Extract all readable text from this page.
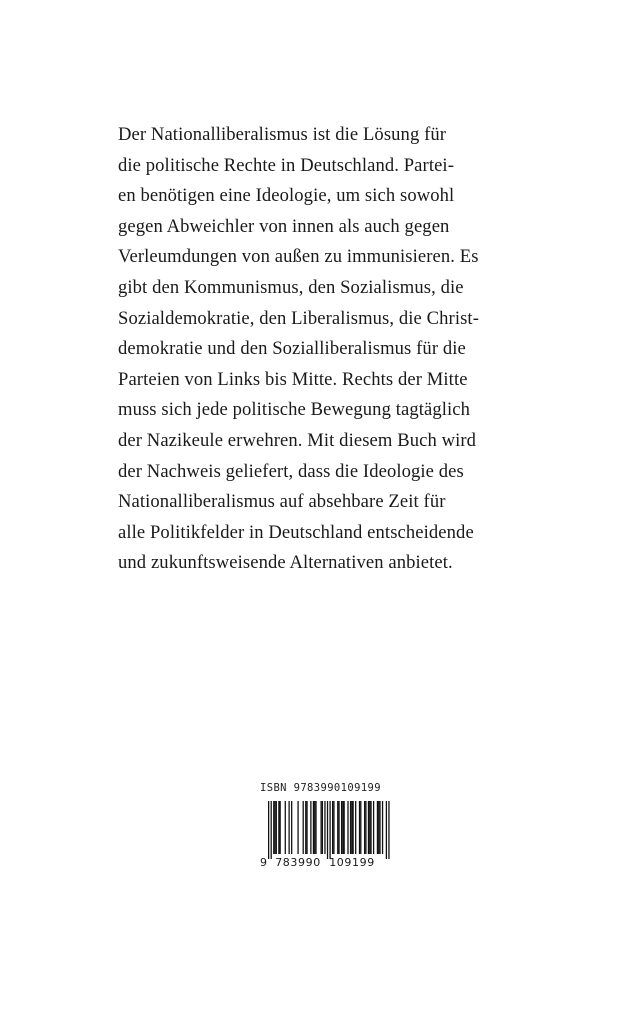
Der Nationalliberalismus ist die Lösung für
die politische Rechte in Deutschland. Partei-
en benötigen eine Ideologie, um sich sowohl
gegen Abweichler von innen als auch gegen
Verleumdungen von außen zu immunisieren. Es
gibt den Kommunismus, den Sozialismus, die
Sozialdemokratie, den Liberalismus, die Christ-
demokratie und den Sozialliberalismus für die
Parteien von Links bis Mitte. Rechts der Mitte
muss sich jede politische Bewegung tagtäglich
der Nazikeule erwehren. Mit diesem Buch wird
der Nachweis geliefert, dass die Ideologie des
Nationalliberalismus auf absehbare Zeit für
alle Politikfelder in Deutschland entscheidende
und zukunftsweisende Alternativen anbietet.
ISBN 9783990109199
9 783990 109199
